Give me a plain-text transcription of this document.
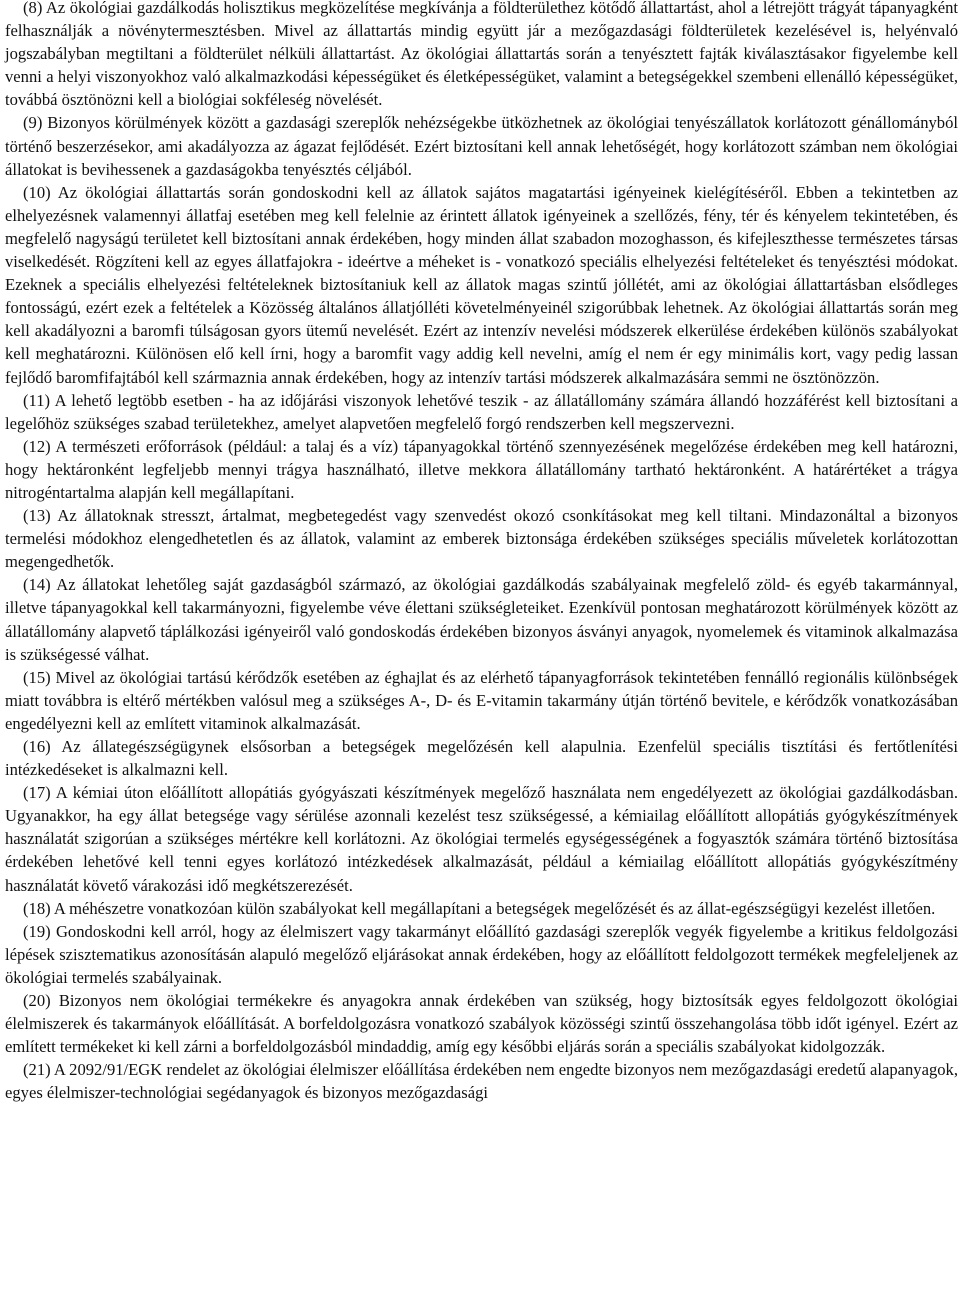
(8) Az ökológiai gazdálkodás holisztikus megközelítése megkívánja a földterülethez kötődő állattartást, ahol a létrejött trágyát tápanyagként felhasználják a növénytermesztésben. Mivel az állattartás mindig együtt jár a mezőgazdasági földterületek kezelésével is, helyénvaló jogszabályban megtiltani a földterület nélküli állattartást. Az ökológiai állattartás során a tenyésztett fajták kiválasztásakor figyelembe kell venni a helyi viszonyokhoz való alkalmazkodási képességüket és életképességüket, valamint a betegségekkel szembeni ellenálló képességüket, továbbá ösztönözni kell a biológiai sokféleség növelését.

(9) Bizonyos körülmények között a gazdasági szereplők nehézségekbe ütközhetnek az ökológiai tenyészállatok korlátozott génállományból történő beszerzésekor, ami akadályozza az ágazat fejlődését. Ezért biztosítani kell annak lehetőségét, hogy korlátozott számban nem ökológiai állatokat is bevihessenek a gazdaságokba tenyésztés céljából.

(10) Az ökológiai állattartás során gondoskodni kell az állatok sajátos magatartási igényeinek kielégítéséről. Ebben a tekintetben az elhelyezésnek valamennyi állatfaj esetében meg kell felelnie az érintett állatok igényeinek a szellőzés, fény, tér és kényelem tekintetében, és megfelelő nagyságú területet kell biztosítani annak érdekében, hogy minden állat szabadon mozoghasson, és kifejleszthesse természetes társas viselkedését. Rögzíteni kell az egyes állatfajokra - ideértve a méheket is - vonatkozó speciális elhelyezési feltételeket és tenyésztési módokat. Ezeknek a speciális elhelyezési feltételeknek biztosítaniuk kell az állatok magas szintű jóllétét, ami az ökológiai állattartásban elsődleges fontosságú, ezért ezek a feltételek a Közösség általános állatjólléti követelményeinél szigorúbbak lehetnek. Az ökológiai állattartás során meg kell akadályozni a baromfi túlságosan gyors ütemű nevelését. Ezért az intenzív nevelési módszerek elkerülése érdekében különös szabályokat kell meghatározni. Különösen elő kell írni, hogy a baromfit vagy addig kell nevelni, amíg el nem ér egy minimális kort, vagy pedig lassan fejlődő baromfifajtából kell származnia annak érdekében, hogy az intenzív tartási módszerek alkalmazására semmi ne ösztönözzön.

(11) A lehető legtöbb esetben - ha az időjárási viszonyok lehetővé teszik - az állatállomány számára állandó hozzáférést kell biztosítani a legelőhöz szükséges szabad területekhez, amelyet alapvetően megfelelő forgó rendszerben kell megszervezni.

(12) A természeti erőforrások (például: a talaj és a víz) tápanyagokkal történő szennyezésének megelőzése érdekében meg kell határozni, hogy hektáronként legfeljebb mennyi trágya használható, illetve mekkora állatállomány tartható hektáronként. A határértéket a trágya nitrogéntartalma alapján kell megállapítani.

(13) Az állatoknak stresszt, ártalmat, megbetegedést vagy szenvedést okozó csonkításokat meg kell tiltani. Mindazonáltal a bizonyos termelési módokhoz elengedhetetlen és az állatok, valamint az emberek biztonsága érdekében szükséges speciális műveletek korlátozottan megengedhetők.

(14) Az állatokat lehetőleg saját gazdaságból származó, az ökológiai gazdálkodás szabályainak megfelelő zöld- és egyéb takarmánnyal, illetve tápanyagokkal kell takarmányozni, figyelembe véve élettani szükségleteiket. Ezenkívül pontosan meghatározott körülmények között az állatállomány alapvető táplálkozási igényeiről való gondoskodás érdekében bizonyos ásványi anyagok, nyomelemek és vitaminok alkalmazása is szükségessé válhat.

(15) Mivel az ökológiai tartású kérődzők esetében az éghajlat és az elérhető tápanyagforrások tekintetében fennálló regionális különbségek miatt továbbra is eltérő mértékben valósul meg a szükséges A-, D- és E-vitamin takarmány útján történő bevitele, e kérődzők vonatkozásában engedélyezni kell az említett vitaminok alkalmazását.

(16) Az állategészségügynek elsősorban a betegségek megelőzésén kell alapulnia. Ezenfelül speciális tisztítási és fertőtlenítési intézkedéseket is alkalmazni kell.

(17) A kémiai úton előállított allopátiás gyógyászati készítmények megelőző használata nem engedélyezett az ökológiai gazdálkodásban. Ugyanakkor, ha egy állat betegsége vagy sérülése azonnali kezelést tesz szükségessé, a kémiailag előállított allopátiás gyógykészítmények használatát szigorúan a szükséges mértékre kell korlátozni. Az ökológiai termelés egységességének a fogyasztók számára történő biztosítása érdekében lehetővé kell tenni egyes korlátozó intézkedések alkalmazását, például a kémiailag előállított allopátiás gyógykészítmény használatát követő várakozási idő megkétszerezését.

(18) A méhészetre vonatkozóan külön szabályokat kell megállapítani a betegségek megelőzését és az állat-egészségügyi kezelést illetően.

(19) Gondoskodni kell arról, hogy az élelmiszert vagy takarmányt előállító gazdasági szereplők vegyék figyelembe a kritikus feldolgozási lépések szisztematikus azonosításán alapuló megelőző eljárásokat annak érdekében, hogy az előállított feldolgozott termékek megfeleljenek az ökológiai termelés szabályainak.

(20) Bizonyos nem ökológiai termékekre és anyagokra annak érdekében van szükség, hogy biztosítsák egyes feldolgozott ökológiai élelmiszerek és takarmányok előállítását. A borfeldolgozásra vonatkozó szabályok közösségi szintű összehangolása több időt igényel. Ezért az említett termékeket ki kell zárni a borfeldolgozásból mindaddig, amíg egy későbbi eljárás során a speciális szabályokat kidolgozzák.

(21) A 2092/91/EGK rendelet az ökológiai élelmiszer előállítása érdekében nem engedte bizonyos nem mezőgazdasági eredetű alapanyagok, egyes élelmiszer-technológiai segédanyagok és bizonyos mezőgazdasági
